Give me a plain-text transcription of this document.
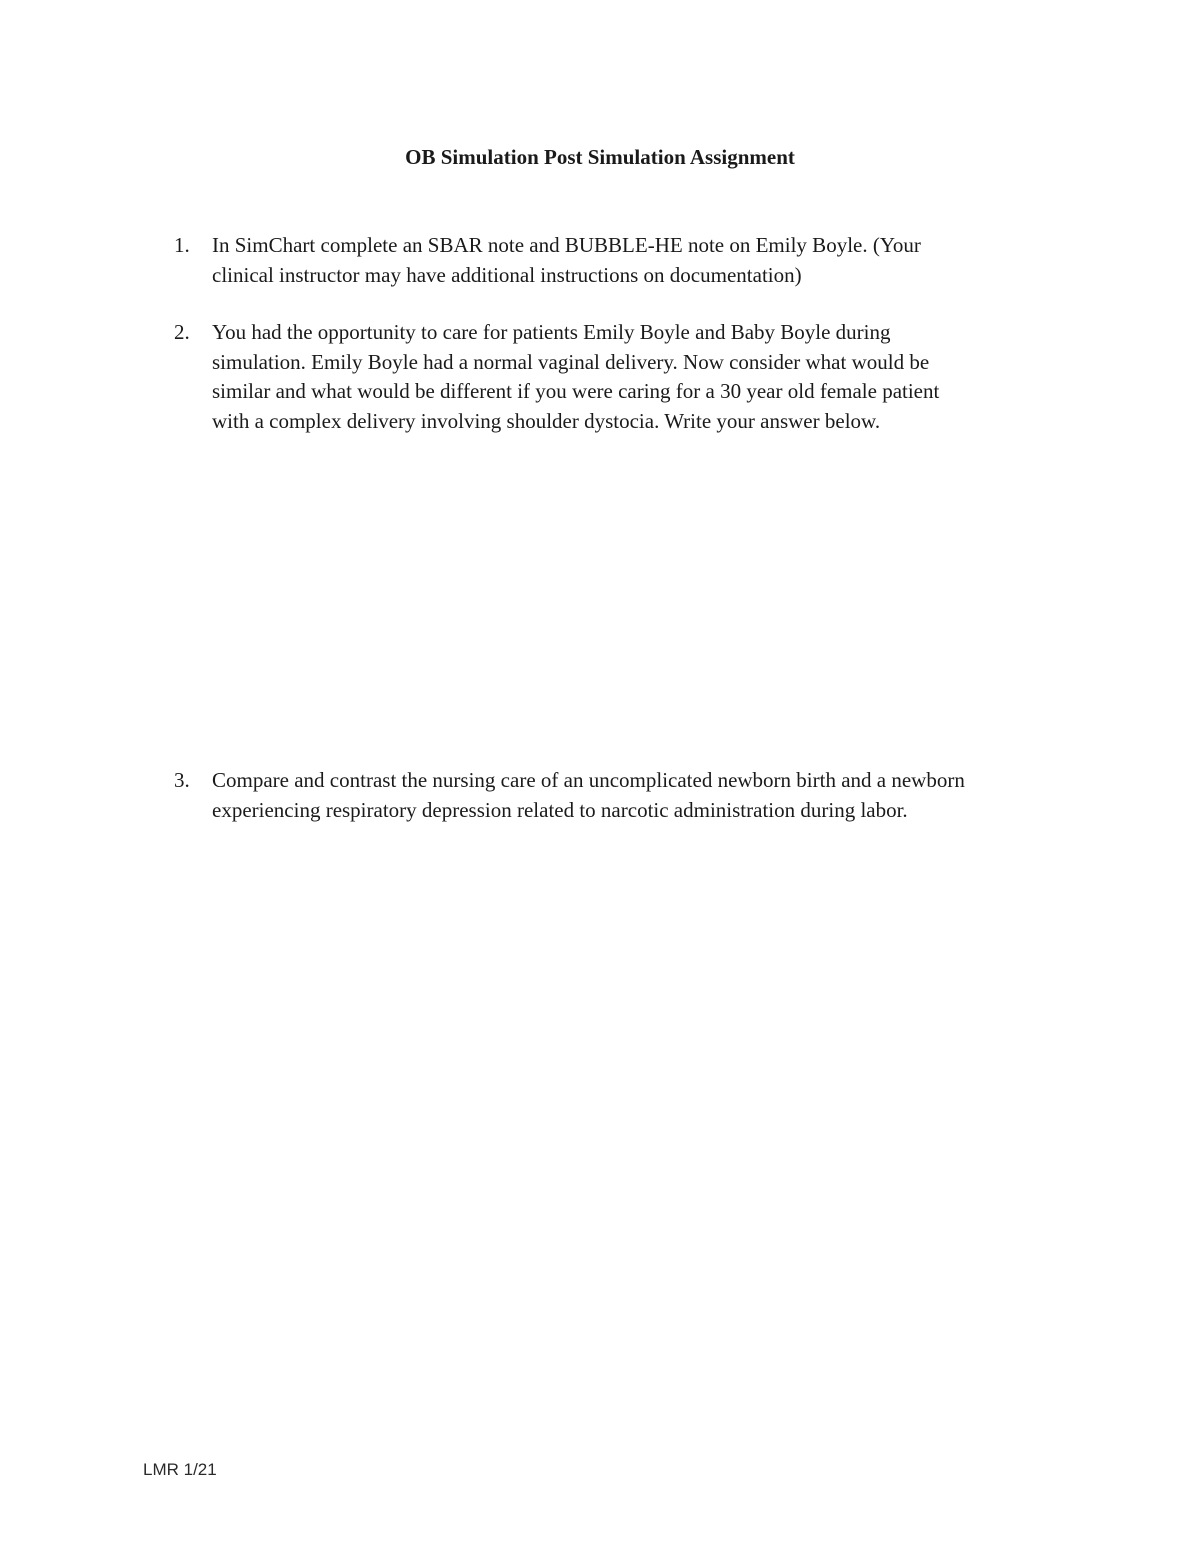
OB Simulation Post Simulation Assignment
1.	In SimChart complete an SBAR note and BUBBLE-HE note on Emily Boyle. (Your
clinical instructor may have additional instructions on documentation)
2.	You had the opportunity to care for patients Emily Boyle and Baby Boyle during
simulation. Emily Boyle had a normal vaginal delivery. Now consider what would be
similar and what would be different if you were caring for a 30 year old female patient
with a complex delivery involving shoulder dystocia. Write your answer below.
3.	Compare and contrast the nursing care of an uncomplicated newborn birth and a newborn
experiencing respiratory depression related to narcotic administration during labor.
LMR 1/21
